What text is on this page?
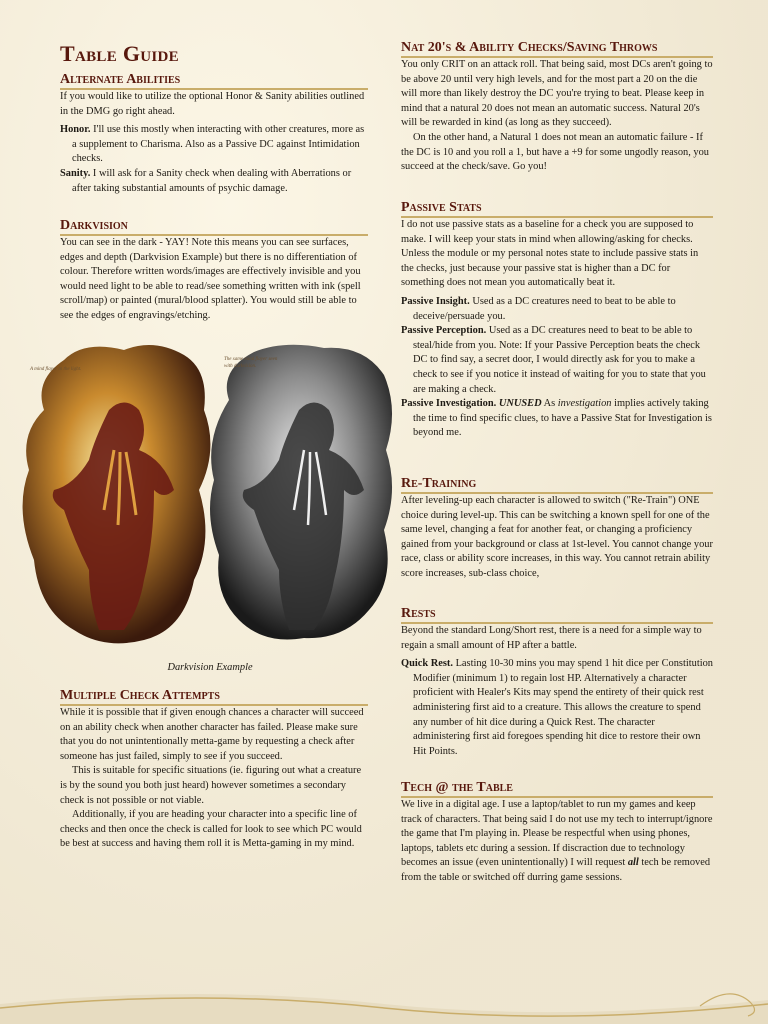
Table Guide
Alternate Abilities

If you would like to utilize the optional Honor & Sanity abilities outlined in the DMG go right ahead.

Honor. I'll use this mostly when interacting with other creatures, more as a supplement to Charisma. Also as a Passive DC against Intimidation checks.

Sanity. I will ask for a Sanity check when dealing with Aberrations or after taking substantial amounts of psychic damage.

Darkvision

You can see in the dark - YAY! Note this means you can see surfaces, edges and depth (Darkvision Example) but there is no differentiation of colour. Therefore written words/images are effectively invisible and you would need light to be able to read/see something written with ink (spell scroll/map) or painted (mural/blood splatter). You would still be able to see the edges of engravings/etching.

Multiple Check Attempts

While it is possible that if given enough chances a character will succeed on an ability check when another character has failed. Please make sure that you do not unintentionally metta-game by requesting a check after someone has just failed, simply to see if you succeed.

This is suitable for specific situations (ie. figuring out what a creature is by the sound you both just heard) however sometimes a secondary check is not possible or not viable.

Additionally, if you are heading your character into a specific line of checks and then once the check is called for look to see which PC would be best at success and having them roll it is Metta-gaming in my mind.

A mind flayer in the light.
The same mind flayer seen with darkvision.
Darkvision Example
Nat 20's & Ability Checks/Saving Throws

You only CRIT on an attack roll. That being said, most DCs aren't going to be above 20 until very high levels, and for the most part a 20 on the die will more than likely destroy the DC you're trying to beat. Please keep in mind that a natural 20 does not mean an automatic success. Natural 20's will be rewarded in kind (as long as they succeed).

On the other hand, a Natural 1 does not mean an automatic failure - If the DC is 10 and you roll a 1, but have a +9 for some ungodly reason, you succeed at the check/save. Go you!

Passive Stats

I do not use passive stats as a baseline for a check you are supposed to make. I will keep your stats in mind when allowing/asking for checks. Unless the module or my personal notes state to include passive stats in the checks, just because your passive stat is higher than a DC for something does not mean you automatically beat it.

Passive Insight. Used as a DC creatures need to beat to be able to deceive/persuade you.

Passive Perception. Used as a DC creatures need to beat to be able to steal/hide from you. Note: If your Passive Perception beats the check DC to find say, a secret door, I would directly ask for you to make a check to see if you notice it instead of waiting for you to state that you are making a check.

Passive Investigation. UNUSED As investigation implies actively taking the time to find specific clues, to have a Passive Stat for Investigation is beyond me.

Re-Training

After leveling-up each character is allowed to switch ("Re-Train") ONE choice during level-up. This can be switching a known spell for one of the same level, changing a feat for another feat, or changing a proficiency gained from your background or class at 1st-level. You cannot change your race, class or ability score increases, in this way. You cannot retrain ability score increases, sub-class choice,

Rests

Beyond the standard Long/Short rest, there is a need for a simple way to regain a small amount of HP after a battle.

Quick Rest. Lasting 10-30 mins you may spend 1 hit dice per Constitution Modifier (minimum 1) to regain lost HP. Alternatively a character proficient with Healer's Kits may spend the entirety of their quick rest administering first aid to a creature. This allows the creature to spend any number of hit dice during a Quick Rest. The character administering first aid foregoes spending hit dice to restore their own Hit Points.

Tech @ the Table

We live in a digital age. I use a laptop/tablet to run my games and keep track of characters. That being said I do not use my tech to interrupt/ignore the game that I'm playing in. Please be respectful when using phones, laptops, tablets etc during a session. If discraction due to technology becomes an issue (even unintentionally) I will request all tech be removed from the table or switched off durring game sessions.
